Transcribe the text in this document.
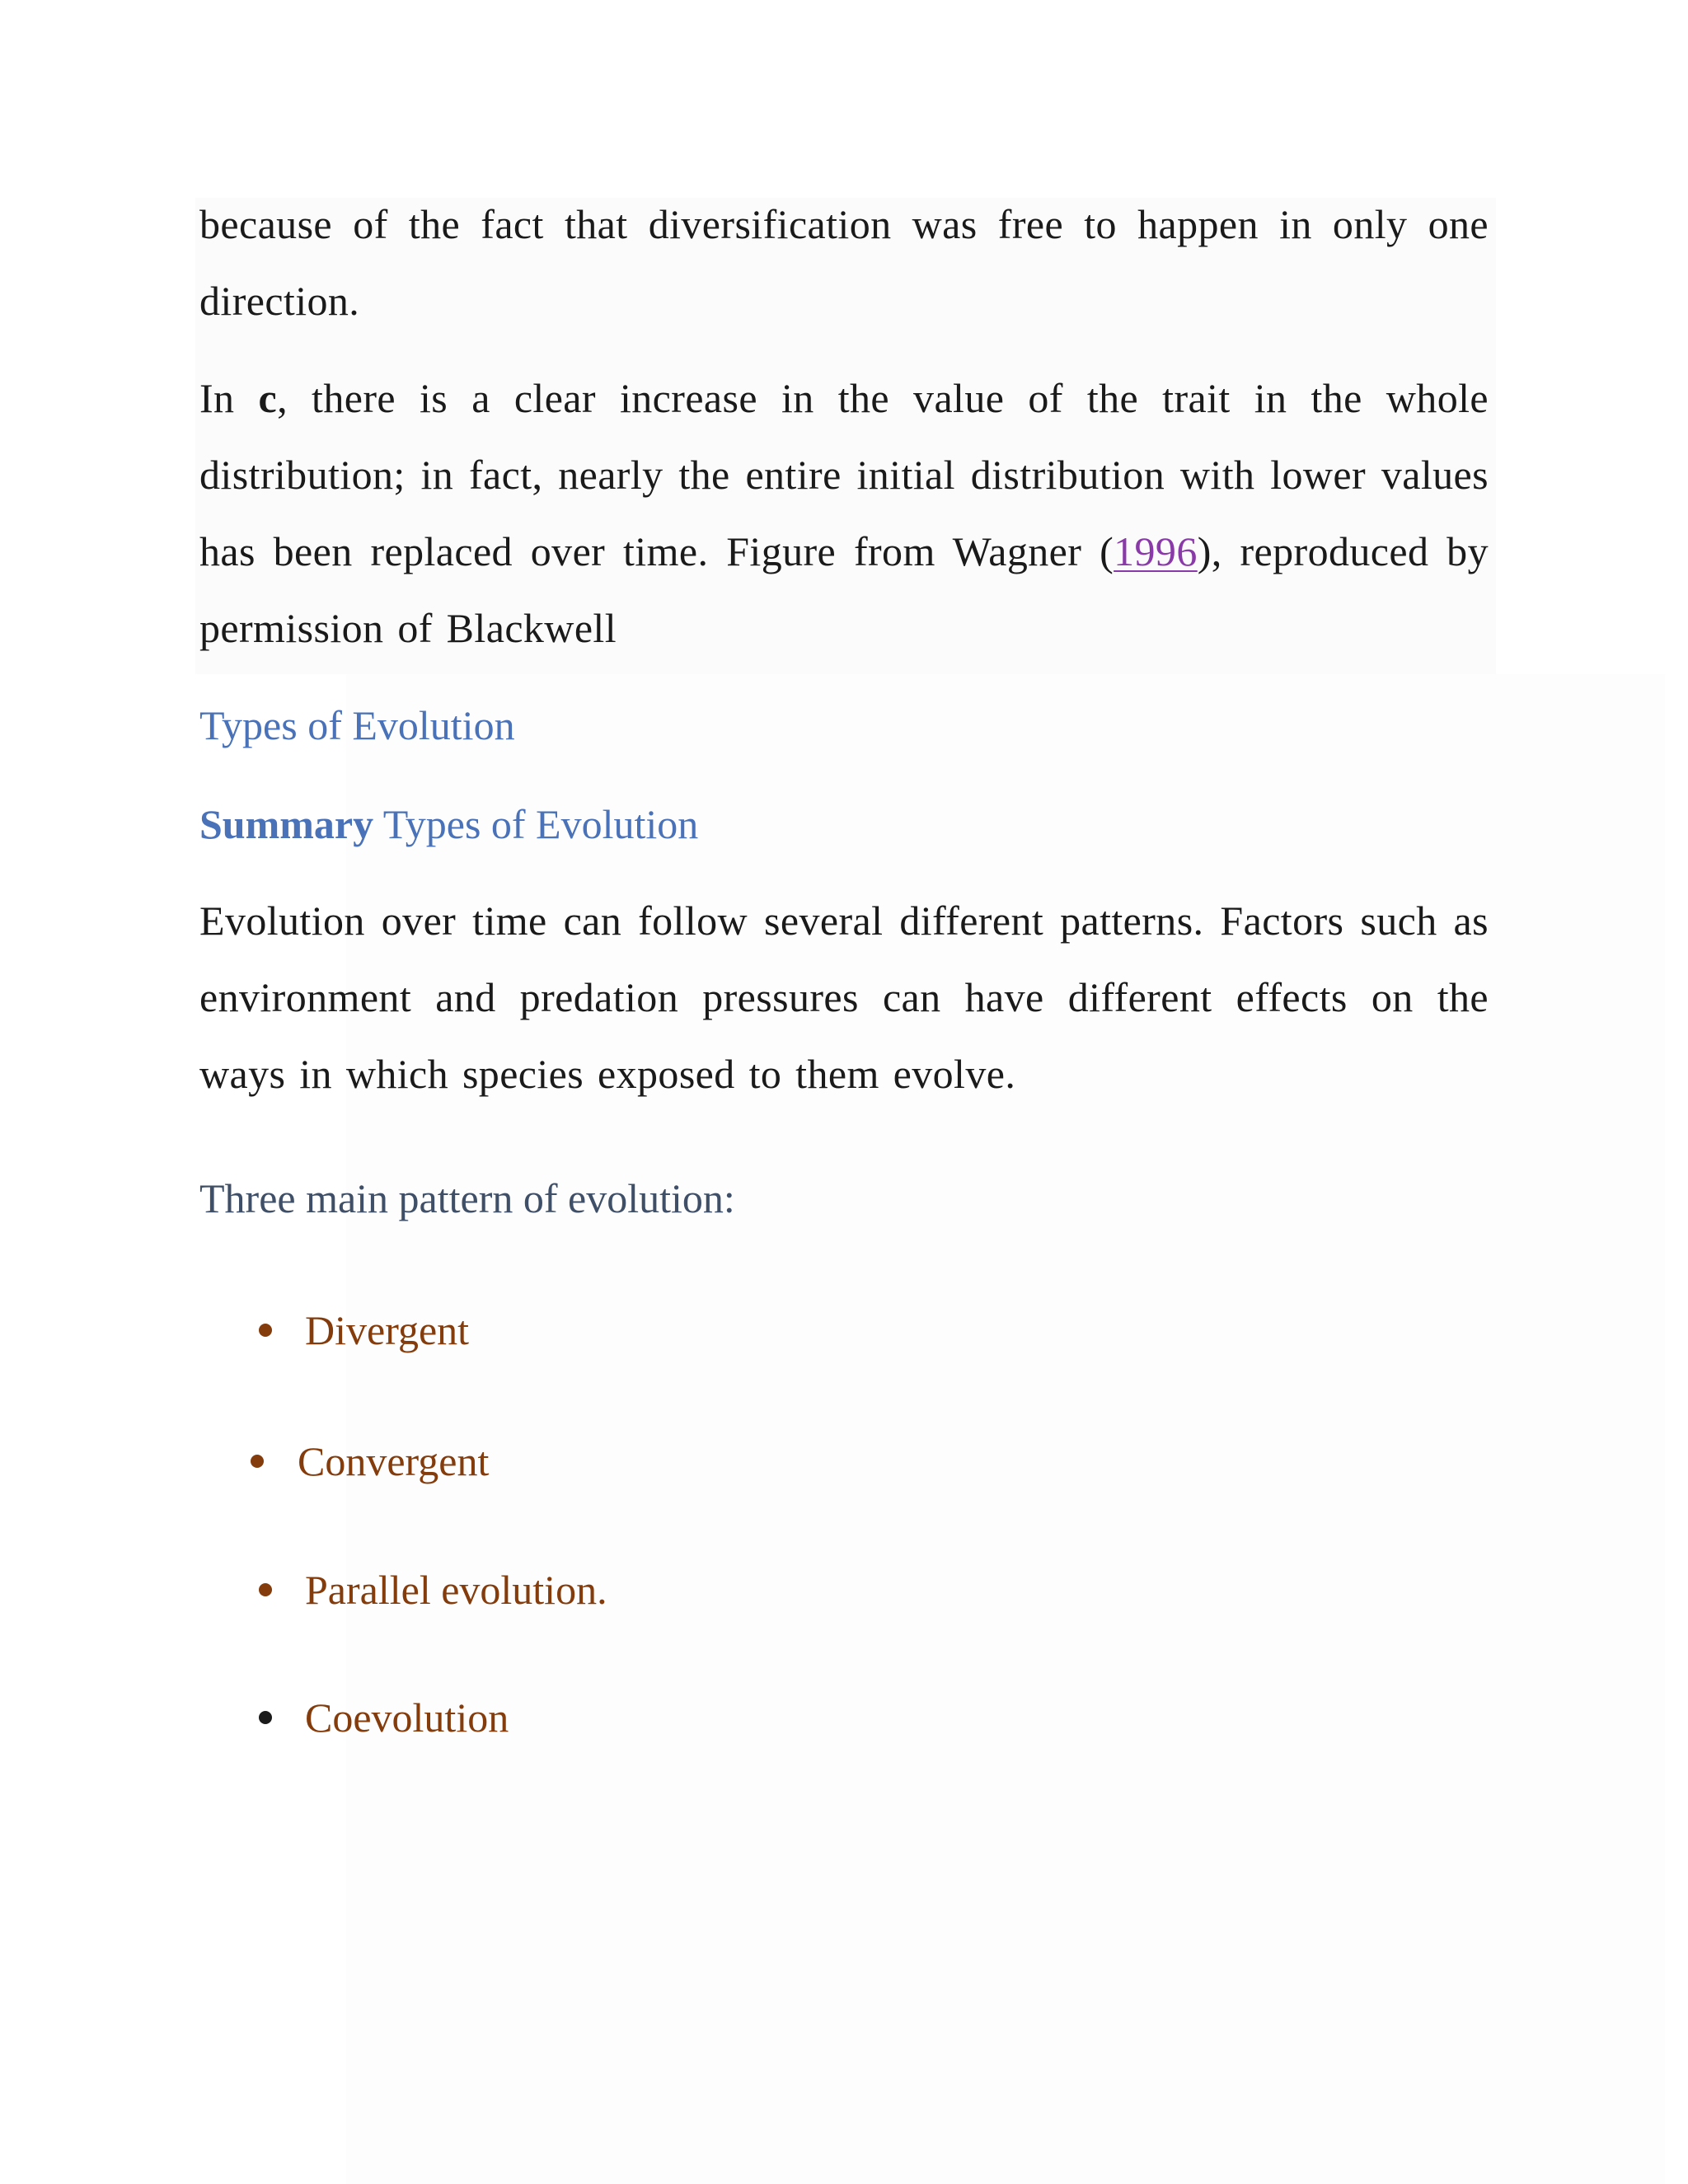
because of the fact that diversification was free to happen in only one direction.

In c, there is a clear increase in the value of the trait in the whole distribution; in fact, nearly the entire initial distribution with lower values has been replaced over time. Figure from Wagner (1996), reproduced by permission of Blackwell

Types of Evolution
Summary Types of Evolution

Evolution over time can follow several different patterns. Factors such as environment and predation pressures can have different effects on the ways in which species exposed to them evolve.

Three main pattern of evolution:

Divergent
Convergent
Parallel evolution.
Coevolution
